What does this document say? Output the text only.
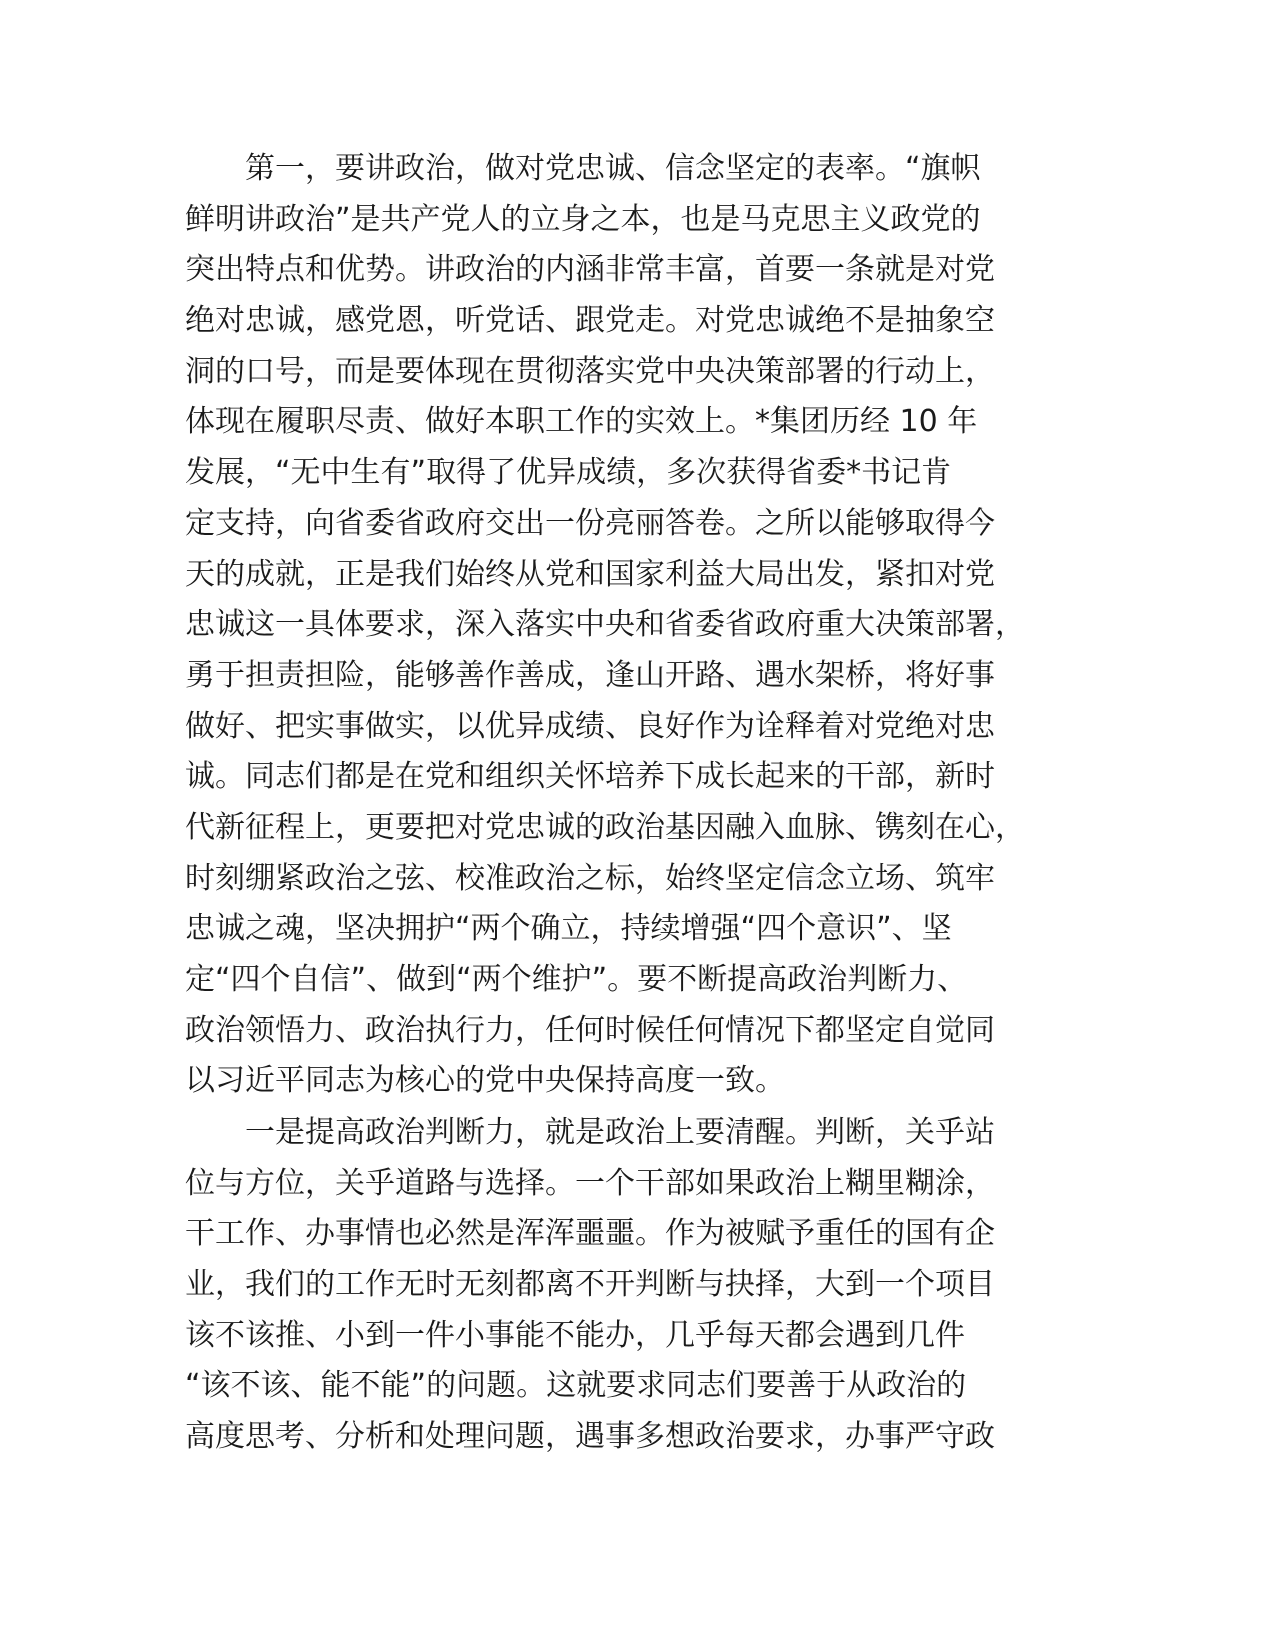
　　第一，要讲政治，做对党忠诚、信念坚定的表率。“旗帜
鲜明讲政治”是共产党人的立身之本，也是马克思主义政党的
突出特点和优势。讲政治的内涵非常丰富，首要一条就是对党
绝对忠诚，感党恩，听党话、跟党走。对党忠诚绝不是抽象空
洞的口号，而是要体现在贯彻落实党中央决策部署的行动上，
体现在履职尽责、做好本职工作的实效上。*集团历经 10 年
发展，“无中生有”取得了优异成绩，多次获得省委*书记肯
定支持，向省委省政府交出一份亮丽答卷。之所以能够取得今
天的成就，正是我们始终从党和国家利益大局出发，紧扣对党
忠诚这一具体要求，深入落实中央和省委省政府重大决策部署，
勇于担责担险，能够善作善成，逢山开路、遇水架桥，将好事
做好、把实事做实，以优异成绩、良好作为诠释着对党绝对忠
诚。同志们都是在党和组织关怀培养下成长起来的干部，新时
代新征程上，更要把对党忠诚的政治基因融入血脉、镌刻在心，
时刻绷紧政治之弦、校准政治之标，始终坚定信念立场、筑牢
忠诚之魂，坚决拥护“两个确立，持续增强“四个意识”、坚
定“四个自信”、做到“两个维护”。要不断提高政治判断力、
政治领悟力、政治执行力，任何时候任何情况下都坚定自觉同
以习近平同志为核心的党中央保持高度一致。
　　一是提高政治判断力，就是政治上要清醒。判断，关乎站
位与方位，关乎道路与选择。一个干部如果政治上糊里糊涂，
干工作、办事情也必然是浑浑噩噩。作为被赋予重任的国有企
业，我们的工作无时无刻都离不开判断与抉择，大到一个项目
该不该推、小到一件小事能不能办，几乎每天都会遇到几件
“该不该、能不能”的问题。这就要求同志们要善于从政治的
高度思考、分析和处理问题，遇事多想政治要求，办事严守政
